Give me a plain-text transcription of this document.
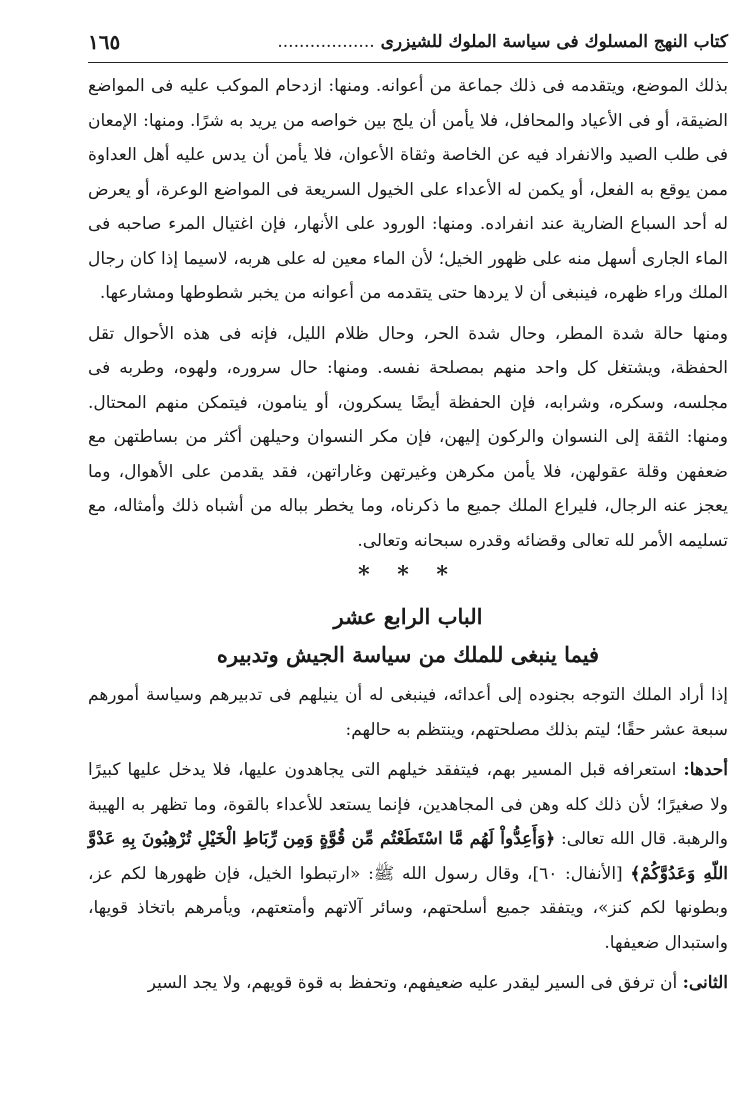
كتاب النهج المسلوك فى سياسة الملوك للشيزرى ..................
١٦٥

بذلك الموضع، ويتقدمه فى ذلك جماعة من أعوانه. ومنها: ازدحام الموكب عليه فى المواضع الضيقة، أو فى الأعياد والمحافل، فلا يأمن أن يلج بين خواصه من يريد به شرًا. ومنها: الإمعان فى طلب الصيد والانفراد فيه عن الخاصة وثقاة الأعوان، فلا يأمن أن يدس عليه أهل العداوة ممن يوقع به الفعل، أو يكمن له الأعداء على الخيول السريعة فى المواضع الوعرة، أو يعرض له أحد السباع الضارية عند انفراده. ومنها: الورود على الأنهار، فإن اغتيال المرء صاحبه فى الماء الجارى أسهل منه على ظهور الخيل؛ لأن الماء معين له على هربه، لاسيما إذا كان رجال الملك وراء ظهره، فينبغى أن لا يردها حتى يتقدمه من أعوانه من يخبر شطوطها ومشارعها.

ومنها حالة شدة المطر، وحال شدة الحر، وحال ظلام الليل، فإنه فى هذه الأحوال تقل الحفظة، ويشتغل كل واحد منهم بمصلحة نفسه. ومنها: حال سروره، ولهوه، وطربه فى مجلسه، وسكره، وشرابه، فإن الحفظة أيضًا يسكرون، أو ينامون، فيتمكن منهم المحتال. ومنها: الثقة إلى النسوان والركون إليهن، فإن مكر النسوان وحيلهن أكثر من بساطتهن مع ضعفهن وقلة عقولهن، فلا يأمن مكرهن وغيرتهن وغاراتهن، فقد يقدمن على الأهوال، وما يعجز عنه الرجال، فليراع الملك جميع ما ذكرناه، وما يخطر بباله من أشباه ذلك وأمثاله، مع تسليمه الأمر لله تعالى وقضائه وقدره سبحانه وتعالى.

* * *
الباب الرابع عشر
فيما ينبغى للملك من سياسة الجيش وتدبيره

إذا أراد الملك التوجه بجنوده إلى أعدائه، فينبغى له أن ينيلهم فى تدبيرهم وسياسة أمورهم سبعة عشر حقًا؛ ليتم بذلك مصلحتهم، وينتظم به حالهم:

أحدها: استعرافه قبل المسير بهم، فيتفقد خيلهم التى يجاهدون عليها، فلا يدخل عليها كبيرًا ولا صغيرًا؛ لأن ذلك كله وهن فى المجاهدين، فإنما يستعد للأعداء بالقوة، وما تظهر به الهيبة والرهبة. قال الله تعالى: ﴿وَأَعِدُّواْ لَهُم مَّا اسْتَطَعْتُم مِّن قُوَّةٍ وَمِن رِّبَاطِ الْخَيْلِ تُرْهِبُونَ بِهِ عَدْوَّ اللّهِ وَعَدُوَّكُمْ﴾ [الأنفال: ٦٠]، وقال رسول الله ﷺ: «ارتبطوا الخيل، فإن ظهورها لكم عز، وبطونها لكم كنز»، ويتفقد جميع أسلحتهم، وسائر آلاتهم وأمتعتهم، ويأمرهم باتخاذ قويها، واستبدال ضعيفها.

الثانى: أن ترفق فى السير ليقدر عليه ضعيفهم، وتحفظ به قوة قويهم، ولا يجد السير
